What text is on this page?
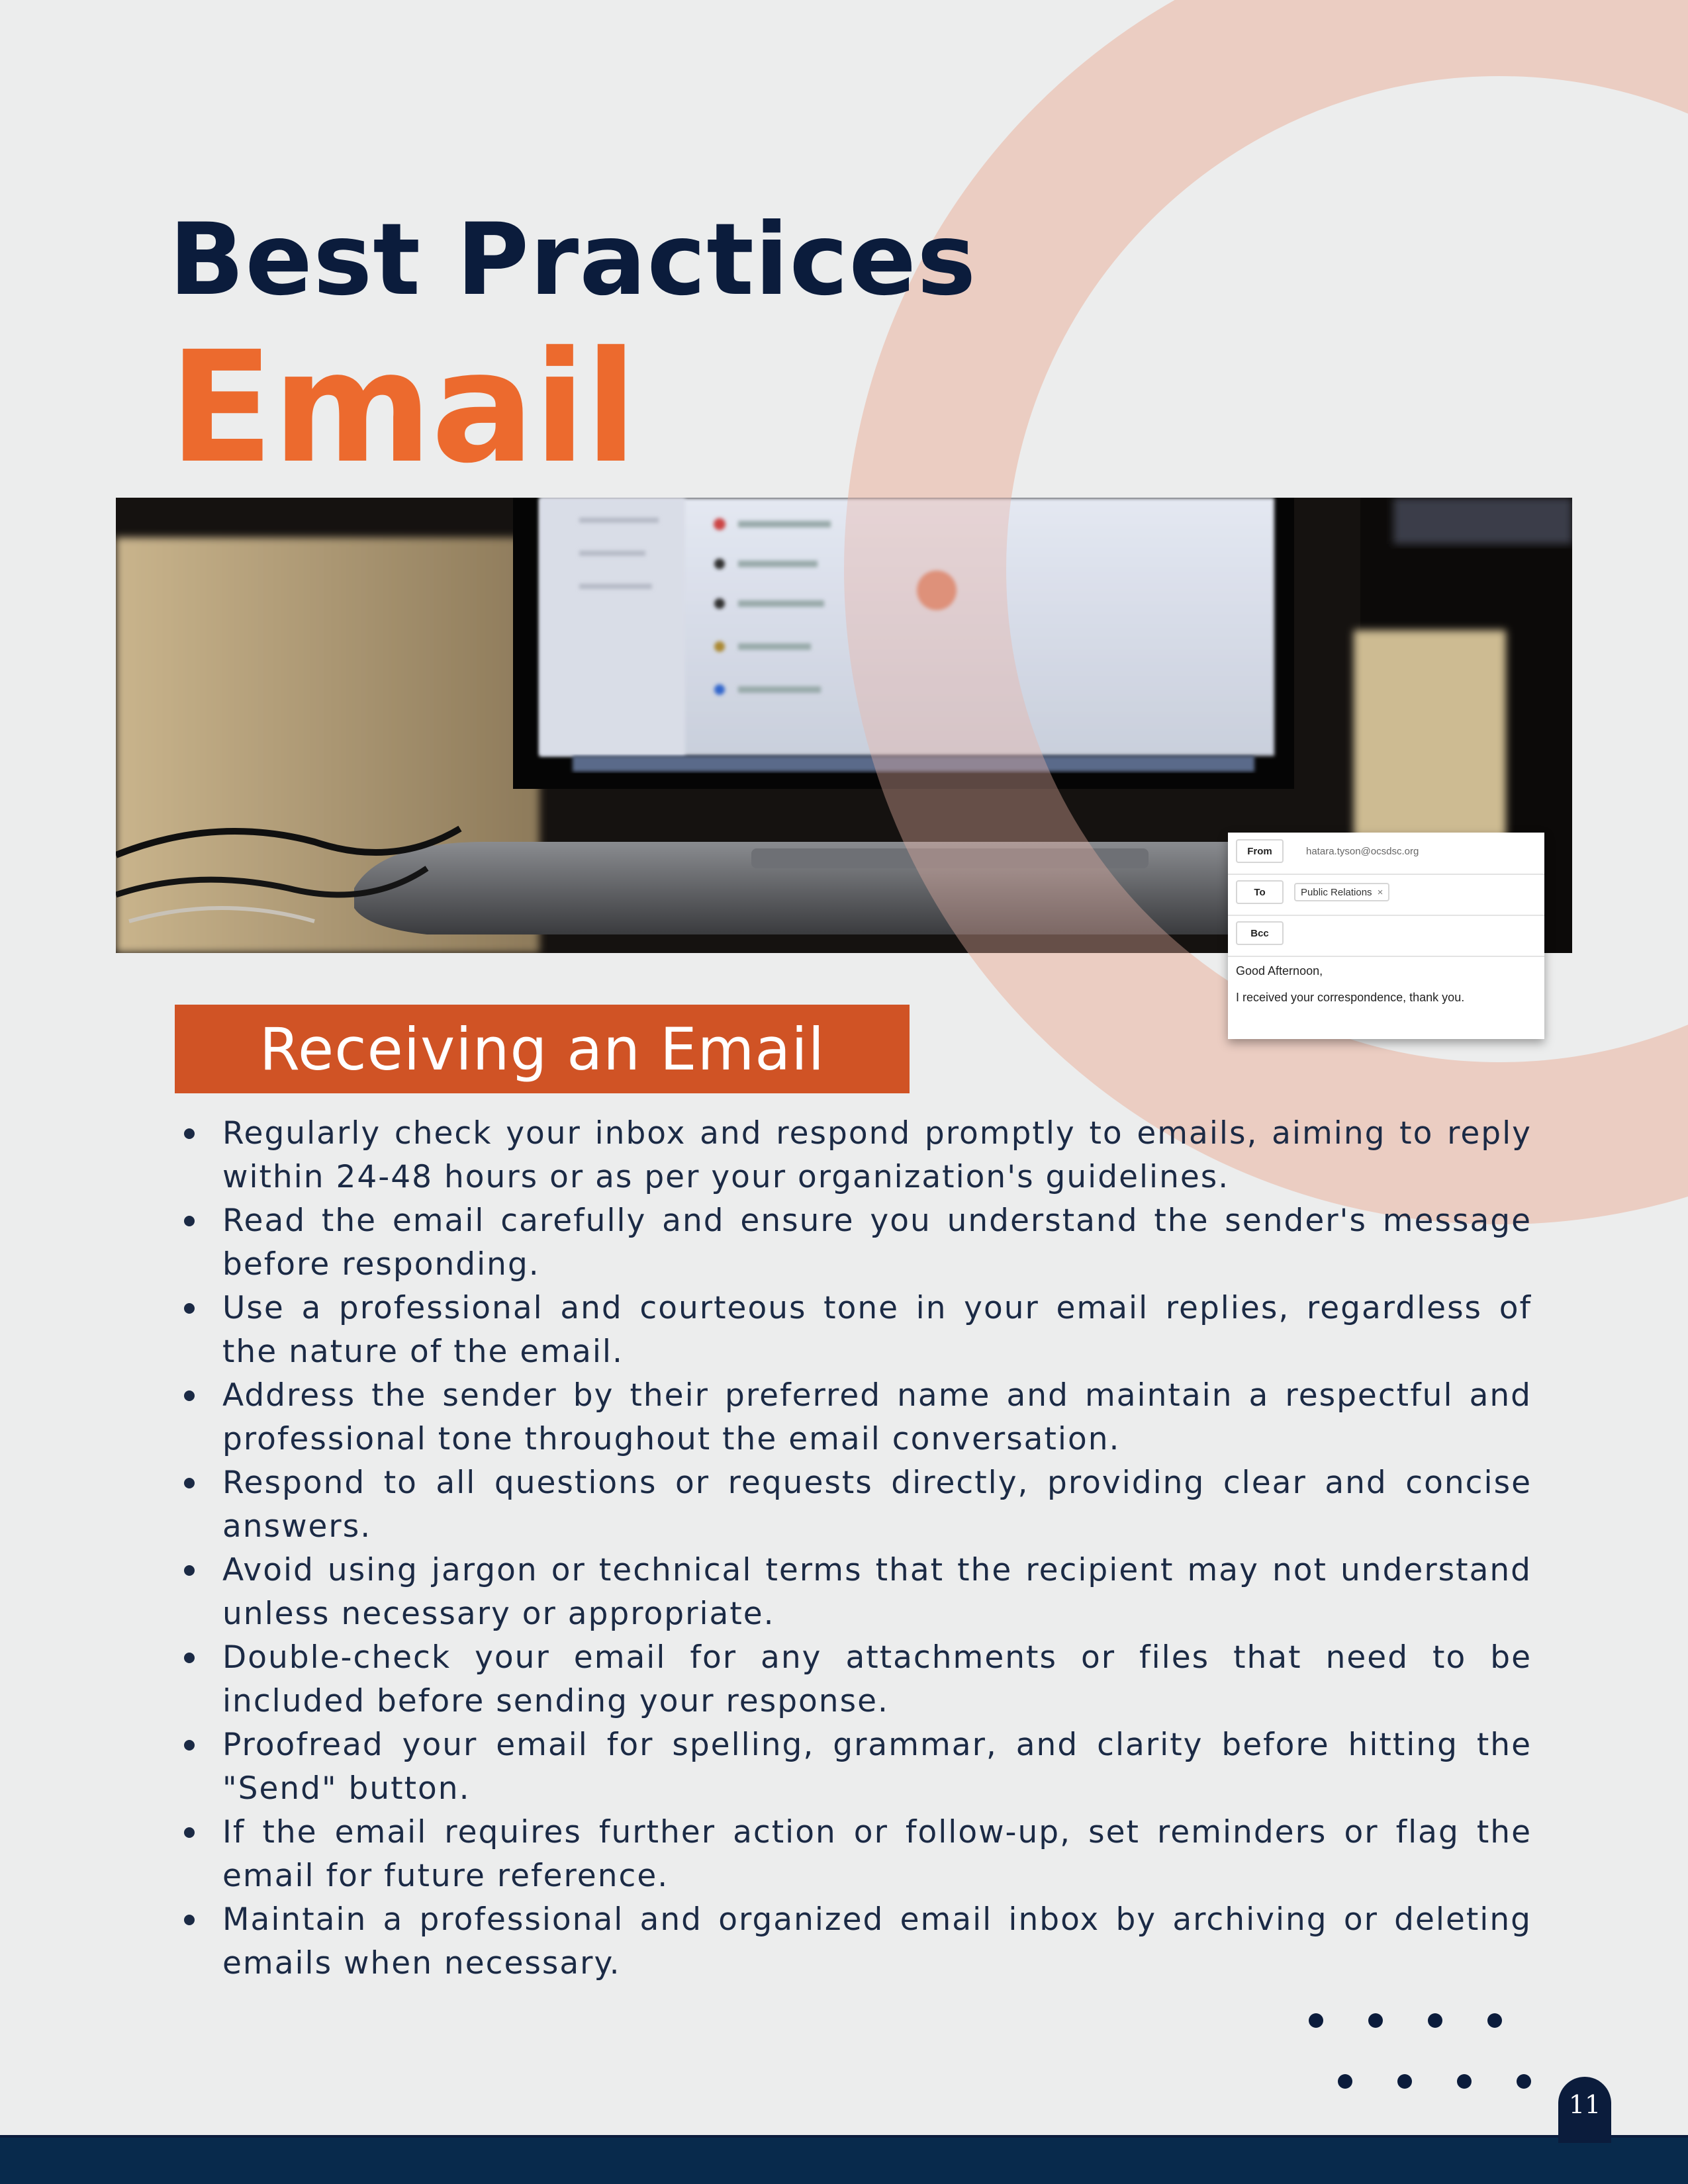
Best Practices
Email
From	hatara.tyson@ocsdsc.org
To	Public Relations ×
Bcc

Good Afternoon,

I received your correspondence, thank you.

Receiving an Email
Regularly check your inbox and respond promptly to emails, aiming to reply within 24-48 hours or as per your organization's guidelines.
Read the email carefully and ensure you understand the sender's message before responding.
Use a professional and courteous tone in your email replies, regardless of the nature of the email.
Address the sender by their preferred name and maintain a respectful and professional tone throughout the email conversation.
Respond to all questions or requests directly, providing clear and concise answers.
Avoid using jargon or technical terms that the recipient may not understand unless necessary or appropriate.
Double-check your email for any attachments or files that need to be included before sending your response.
Proofread your email for spelling, grammar, and clarity before hitting the "Send" button.
If the email requires further action or follow-up, set reminders or flag the email for future reference.
Maintain a professional and organized email inbox by archiving or deleting emails when necessary.
11
